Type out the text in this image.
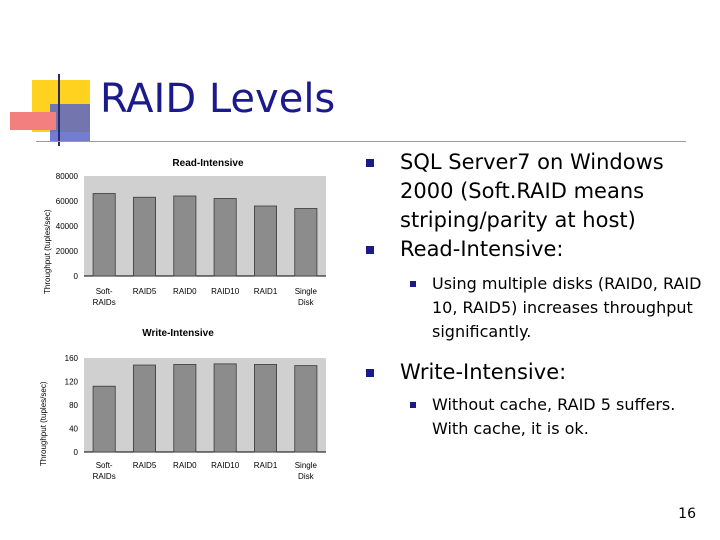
RAID Levels
Read-Intensive
Throughput (tuples/sec)	0
20000
40000
60000
80000
Soft-RAIDs
RAID5 RAID0 RAID10 RAID1 Single Disk
Write-Intensive
Throughput (tuples/sec)	0
40
80
120
160
Soft-RAIDs
RAID5 RAID0 RAID10 RAID1 Single Disk

SQL Server7 on Windows 2000 (Soft.RAID means striping/parity at host)

Read-Intensive:

Using multiple disks (RAID0, RAID 10, RAID5) increases throughput significantly.

Write-Intensive:

Without cache, RAID 5 suffers. With cache, it is ok.

16
